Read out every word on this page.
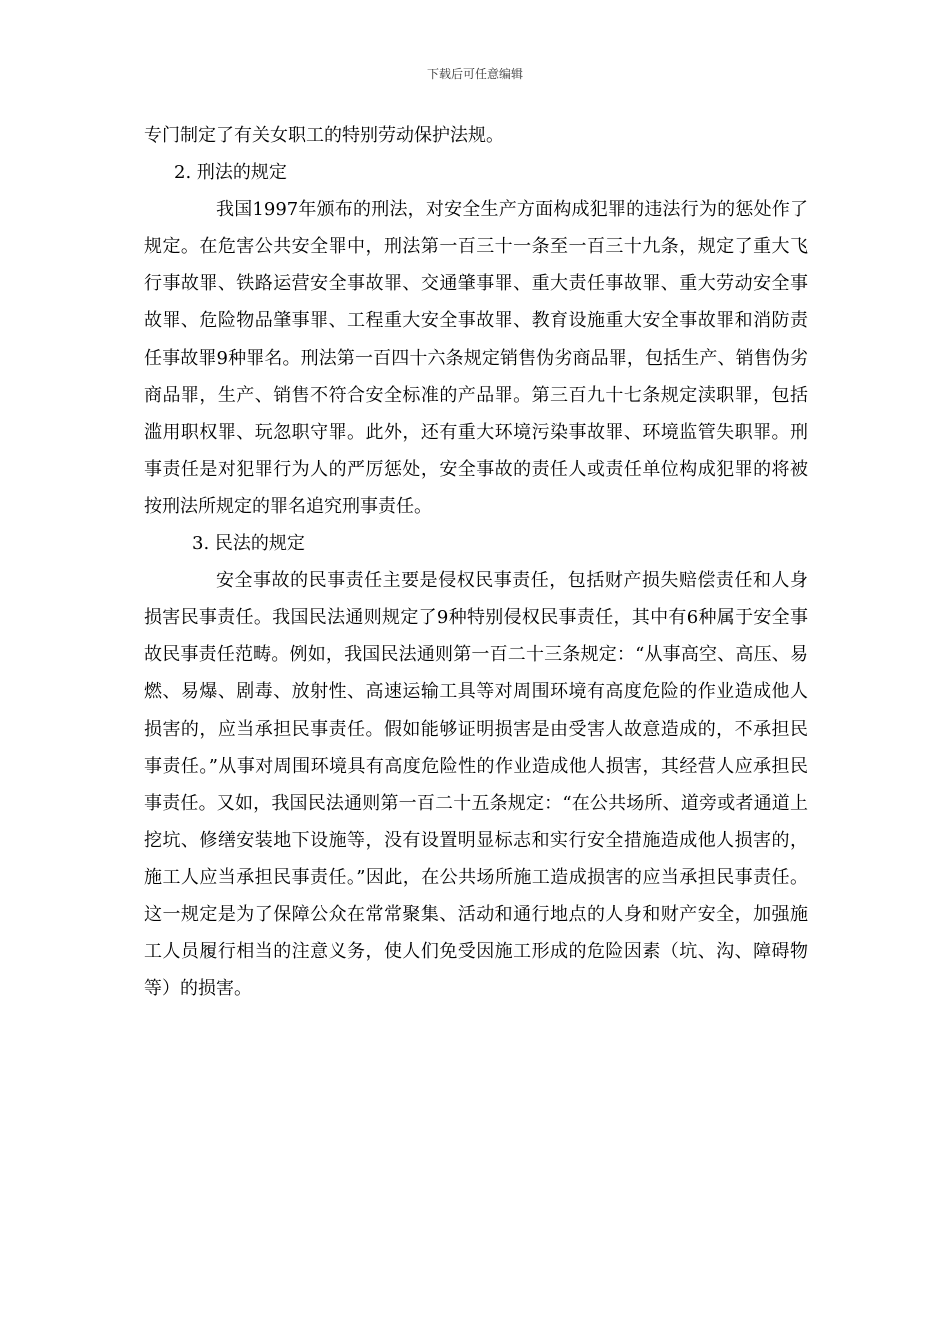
下载后可任意编辑

专门制定了有关女职工的特别劳动保护法规。

2. 刑法的规定

我国1997年颁布的刑法，对安全生产方面构成犯罪的违法行为的惩处作了规定。在危害公共安全罪中，刑法第一百三十一条至一百三十九条，规定了重大飞行事故罪、铁路运营安全事故罪、交通肇事罪、重大责任事故罪、重大劳动安全事故罪、危险物品肇事罪、工程重大安全事故罪、教育设施重大安全事故罪和消防责任事故罪9种罪名。刑法第一百四十六条规定销售伪劣商品罪，包括生产、销售伪劣商品罪，生产、销售不符合安全标准的产品罪。第三百九十七条规定渎职罪，包括滥用职权罪、玩忽职守罪。此外，还有重大环境污染事故罪、环境监管失职罪。刑事责任是对犯罪行为人的严厉惩处，安全事故的责任人或责任单位构成犯罪的将被按刑法所规定的罪名追究刑事责任。

3. 民法的规定

安全事故的民事责任主要是侵权民事责任，包括财产损失赔偿责任和人身损害民事责任。我国民法通则规定了9种特别侵权民事责任，其中有6种属于安全事故民事责任范畴。例如，我国民法通则第一百二十三条规定：“从事高空、高压、易燃、易爆、剧毒、放射性、高速运输工具等对周围环境有高度危险的作业造成他人损害的，应当承担民事责任。假如能够证明损害是由受害人故意造成的，不承担民事责任。”从事对周围环境具有高度危险性的作业造成他人损害，其经营人应承担民事责任。又如，我国民法通则第一百二十五条规定：“在公共场所、道旁或者通道上挖坑、修缮安装地下设施等，没有设置明显标志和实行安全措施造成他人损害的，施工人应当承担民事责任。”因此，在公共场所施工造成损害的应当承担民事责任。这一规定是为了保障公众在常常聚集、活动和通行地点的人身和财产安全，加强施工人员履行相当的注意义务，使人们免受因施工形成的危险因素（坑、沟、障碍物等）的损害。
